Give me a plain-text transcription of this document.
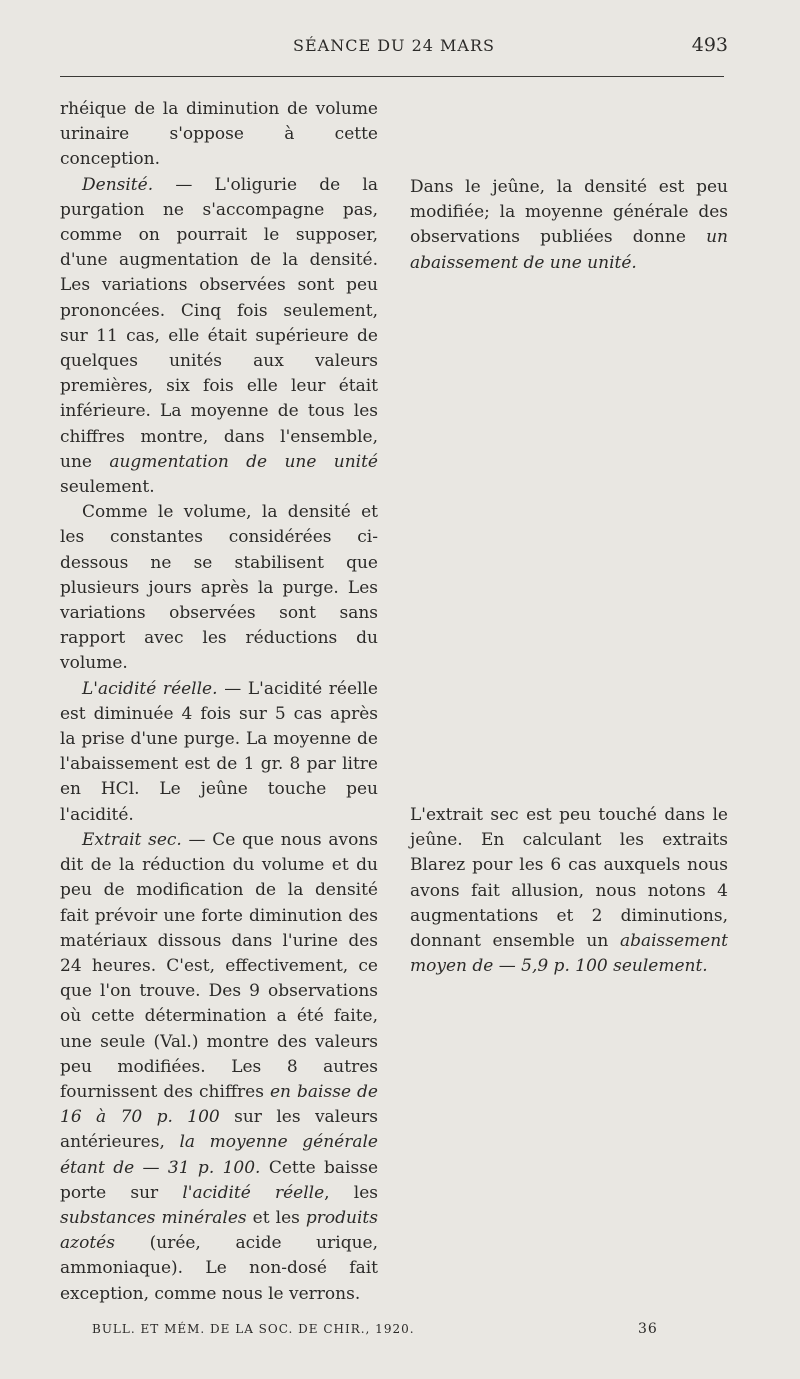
SÉANCE DU 24 MARS	493

rhéique de la diminution de volume urinaire s'oppose à cette conception.

Densité. — L'oligurie de la purgation ne s'accompagne pas, comme on pourrait le supposer, d'une augmentation de la densité. Les variations observées sont peu prononcées. Cinq fois seulement, sur 11 cas, elle était supérieure de quelques unités aux valeurs premières, six fois elle leur était inférieure. La moyenne de tous les chiffres montre, dans l'ensemble, une augmentation de une unité seulement.

Comme le volume, la densité et les constantes considérées ci-dessous ne se stabilisent que plusieurs jours après la purge. Les variations observées sont sans rapport avec les réductions du volume.

L'acidité réelle. — L'acidité réelle est diminuée 4 fois sur 5 cas après la prise d'une purge. La moyenne de l'abaissement est de 1 gr. 8 par litre en HCl. Le jeûne touche peu l'acidité.

Extrait sec. — Ce que nous avons dit de la réduction du volume et du peu de modification de la densité fait prévoir une forte diminution des matériaux dissous dans l'urine des 24 heures. C'est, effectivement, ce que l'on trouve. Des 9 observations où cette détermination a été faite, une seule (Val.) montre des valeurs peu modifiées. Les 8 autres fournissent des chiffres en baisse de 16 à 70 p. 100 sur les valeurs antérieures, la moyenne générale étant de — 31 p. 100. Cette baisse porte sur l'acidité réelle, les substances minérales et les produits azotés (urée, acide urique, ammoniaque). Le non-dosé fait exception, comme nous le verrons.

Dans le jeûne, la densité est peu modifiée; la moyenne générale des observations publiées donne un abaissement de une unité.

L'extrait sec est peu touché dans le jeûne. En calculant les extraits Blarez pour les 6 cas auxquels nous avons fait allusion, nous notons 4 augmentations et 2 diminutions, donnant ensemble un abaissement moyen de — 5,9 p. 100 seulement.

BULL. ET MÉM. DE LA SOC. DE CHIR., 1920.	36
